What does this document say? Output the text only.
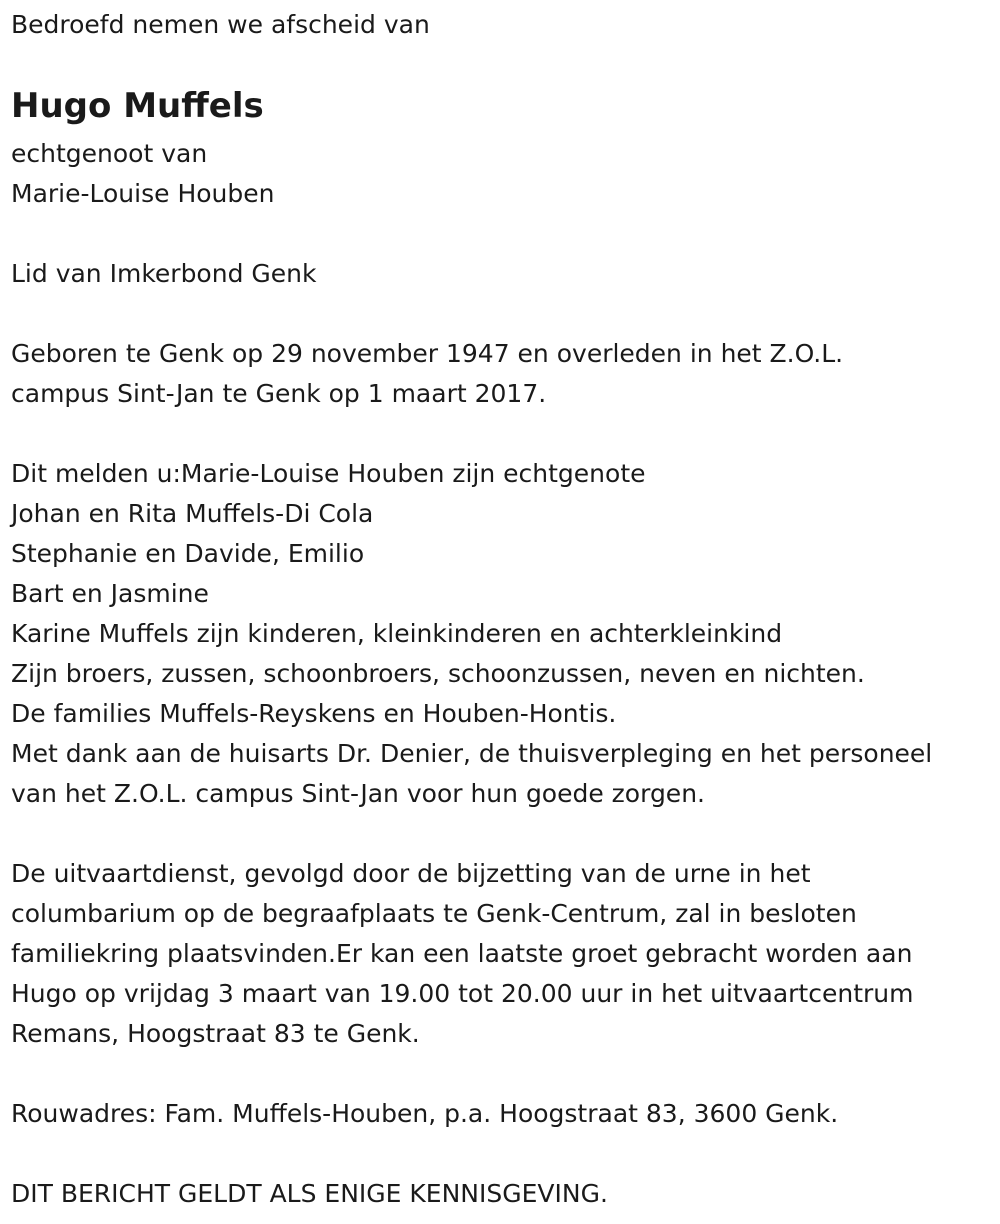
Bedroefd nemen we afscheid van
Hugo Muffels
echtgenoot van
Marie-Louise Houben
Lid van Imkerbond Genk
Geboren te Genk op 29 november 1947 en overleden in het Z.O.L.
campus Sint-Jan te Genk op 1 maart 2017.
Dit melden u:Marie-Louise Houben zijn echtgenote
Johan en Rita Muffels-Di Cola
Stephanie en Davide, Emilio
Bart en Jasmine
Karine Muffels zijn kinderen, kleinkinderen en achterkleinkind
Zijn broers, zussen, schoonbroers, schoonzussen, neven en nichten.
De families Muffels-Reyskens en Houben-Hontis.
Met dank aan de huisarts Dr. Denier, de thuisverpleging en het personeel
van het Z.O.L. campus Sint-Jan voor hun goede zorgen.
De uitvaartdienst, gevolgd door de bijzetting van de urne in het
columbarium op de begraafplaats te Genk-Centrum, zal in besloten
familiekring plaatsvinden.Er kan een laatste groet gebracht worden aan
Hugo op vrijdag 3 maart van 19.00 tot 20.00 uur in het uitvaartcentrum
Remans, Hoogstraat 83 te Genk.
Rouwadres: Fam. Muffels-Houben, p.a. Hoogstraat 83, 3600 Genk.
DIT BERICHT GELDT ALS ENIGE KENNISGEVING.
